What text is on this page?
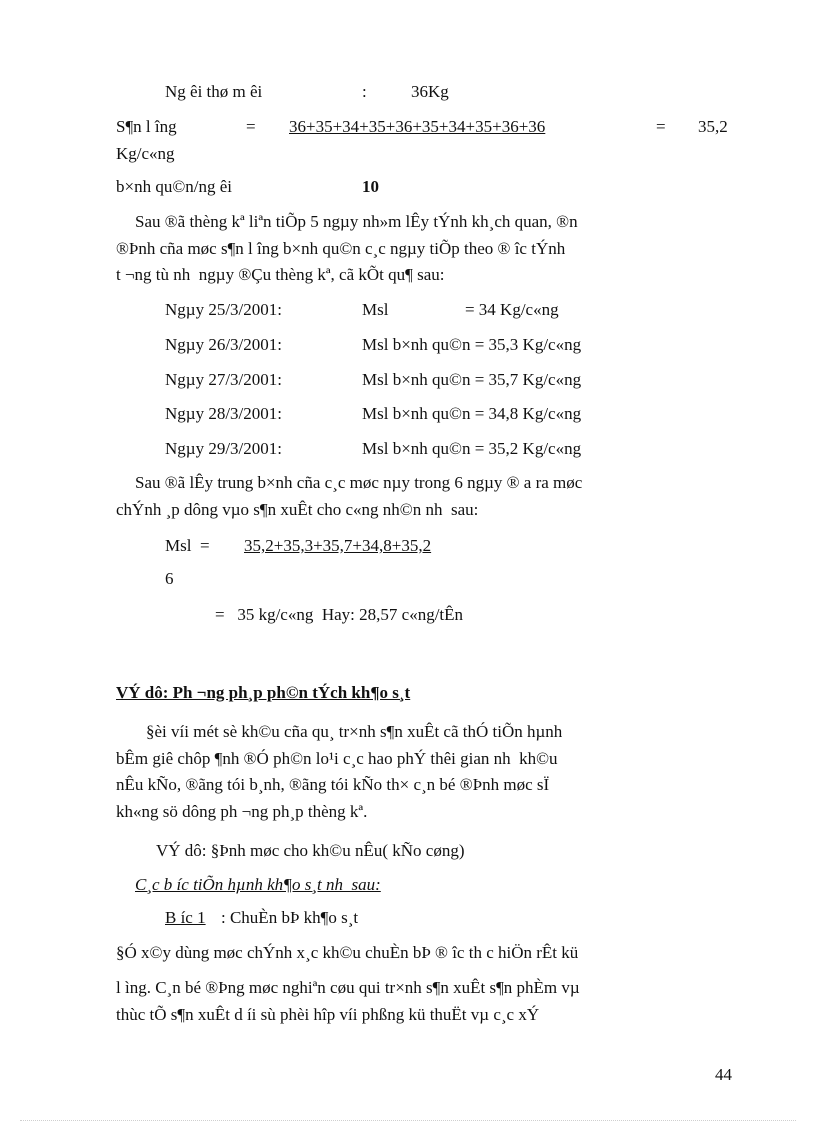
Ng êi thø m êi	:	36Kg
S¶n l îng	= 36+35+34+35+36+35+34+35+36+36	= 35,2
Kg/c«ng
b×nh qu©n/ng êi	10
Sau ®ã thèng kª liªn tiÕp 5 ngµy nh»m lÊy tÝnh kh¸ch quan, ®n
®Þnh cña møc s¶n l îng b×nh qu©n c¸c ngµy tiÕp theo ® îc tÝnh
t ¬ng tù nh  ngµy ®Çu thèng kª, cã kÕt qu¶ sau:
Ngµy 25/3/2001:	Msl                  = 34 Kg/c«ng
Ngµy 26/3/2001:	Msl b×nh qu©n = 35,3 Kg/c«ng
Ngµy 27/3/2001:	Msl b×nh qu©n = 35,7 Kg/c«ng
Ngµy 28/3/2001:	Msl b×nh qu©n = 34,8 Kg/c«ng
Ngµy 29/3/2001:	Msl b×nh qu©n = 35,2 Kg/c«ng
Sau ®ã lÊy trung b×nh cña c¸c møc nµy trong 6 ngµy ® a ra møc
chÝnh ¸p dông vµo s¶n xuÊt cho c«ng nh©n nh  sau:
Msl  = 35,2+35,3+35,7+34,8+35,2
6
=   35 kg/c«ng  Hay: 28,57 c«ng/tÊn
VÝ dô: Ph ¬ng ph¸p ph©n tÝch kh¶o s¸t
§èi víi mét sè kh©u cña qu¸ tr×nh s¶n xuÊt cã thÓ tiÕn hµnh
bÊm giê chôp ¶nh ®Ó ph©n lo¹i c¸c hao phÝ thêi gian nh  kh©u
nÊu kÑo, ®ãng tói b¸nh, ®ãng tói kÑo th× c¸n bé ®Þnh møc sÏ
kh«ng sö dông ph ¬ng ph¸p thèng kª.
VÝ dô: §Þnh møc cho kh©u nÊu( kÑo cøng)
C¸c b íc tiÕn hµnh kh¶o s¸t nh  sau:
B íc 1 : ChuÈn bÞ kh¶o s¸t
§Ó x©y dùng møc chÝnh x¸c kh©u chuÈn bÞ ® îc th c hiÖn rÊt kü
l ìng. C¸n bé ®Þng møc nghiªn cøu qui tr×nh s¶n xuÊt s¶n phÈm vµ
thùc tÕ s¶n xuÊt d íi sù phèi hîp víi phßng kü thuËt vµ c¸c xÝ
44
